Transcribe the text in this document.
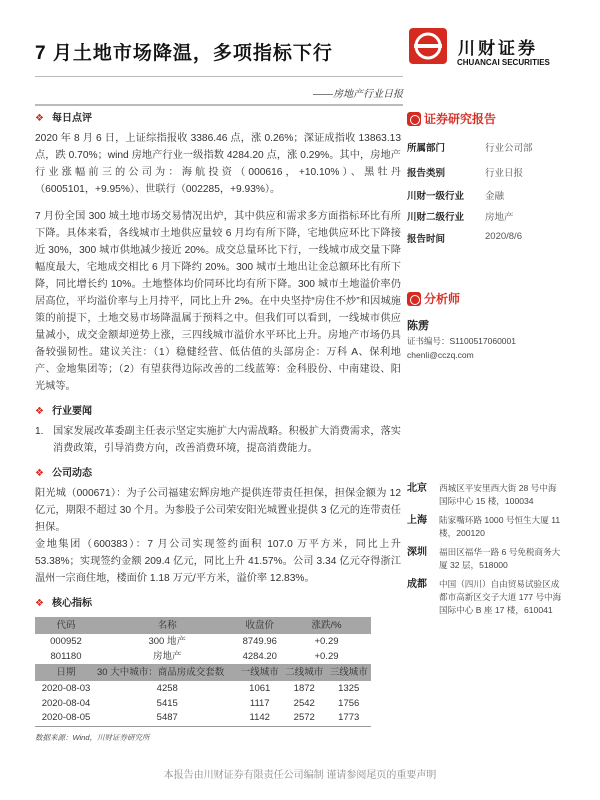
7 月土地市场降温，多项指标下行
——房地产行业日报
川财证券
CHUANCAI SECURITIES
❖ 每日点评
2020 年 8 月 6 日，上证综指报收 3386.46 点，涨 0.26%；深证成指收 13863.13 点，跌 0.70%；wind 房地产行业一级指数 4284.20 点，涨 0.29%。其中，房地产行业涨幅前三的公司为：海航投资（000616，+10.10%）、黑牡丹（6005101，+9.95%）、世联行（002285，+9.93%）。
7 月份全国 300 城土地市场交易情况出炉，其中供应和需求多方面指标环比有所下降。具体来看，各线城市土地供应量较 6 月均有所下降，宅地供应环比下降接近 30%，300 城市供地减少接近 20%。成交总量环比下行，一线城市成交量下降幅度最大，宅地成交相比 6 月下降约 20%。300 城市土地出让金总额环比有所下降，同比增长约 10%。土地整体均价同环比均有所下降。300 城市土地溢价率仍居高位，平均溢价率与上月持平，同比上升 2%。在中央坚持“房住不炒”和因城施策的前提下，土地交易市场降温属于预料之中。但我们可以看到，一线城市供应量减小，成交金额却逆势上涨，三四线城市溢价水平环比上升。房地产市场仍具备较强韧性。建议关注：（1）稳健经营、低估值的头部房企：万科 A、保利地产、金地集团等；（2）有望获得边际改善的二线蓝筹：金科股份、中南建设、阳光城等。
❖ 行业要闻
1. 国家发展改革委副主任表示坚定实施扩大内需战略。积极扩大消费需求，落实消费政策，引导消费方向，改善消费环境，提高消费能力。
❖ 公司动态
阳光城（000671）：为子公司福建宏辉房地产提供连带责任担保，担保金额为 12 亿元，期限不超过 30 个月。为参股子公司荣安阳光城置业提供 3 亿元的连带责任担保。
金地集团（600383）：7 月公司实现签约面积 107.0 万平方米，同比上升 53.38%；实现签约金额 209.4 亿元，同比上升 41.57%。公司 3.34 亿元夺得浙江温州一宗商住地，楼面价 1.18 万元/平方米，溢价率 12.83%。
❖ 核心指标
代码	名称	收盘价	涨跌/%	
000952	300 地产	8749.96	+0.29	
801180	房地产	4284.20	+0.29	
日期	30 大中城市：商品房成交套数	一线城市	二线城市	三线城市
2020-08-03	4258	1061	1872	1325
2020-08-04	5415	1117	2542	1756
2020-08-05	5487	1142	2572	1773
数据来源：Wind，川财证券研究所
证券研究报告
所属部门	行业公司部
报告类别	行业日报
川财一级行业	金融
川财二级行业	房地产
报告时间	2020/8/6
分析师
陈雳
证书编号：S1100517060001
chenli@cczq.com
北京	西城区平安里西大街 28 号中海国际中心 15 楼，100034
上海	陆家嘴环路 1000 号恒生大厦 11 楼，200120
深圳	福田区福华一路 6 号免税商务大厦 32 层，518000
成都	中国（四川）自由贸易试验区成都市高新区交子大道 177 号中海国际中心 B 座 17 楼，610041
本报告由川财证券有限责任公司编制 谨请参阅尾页的重要声明
